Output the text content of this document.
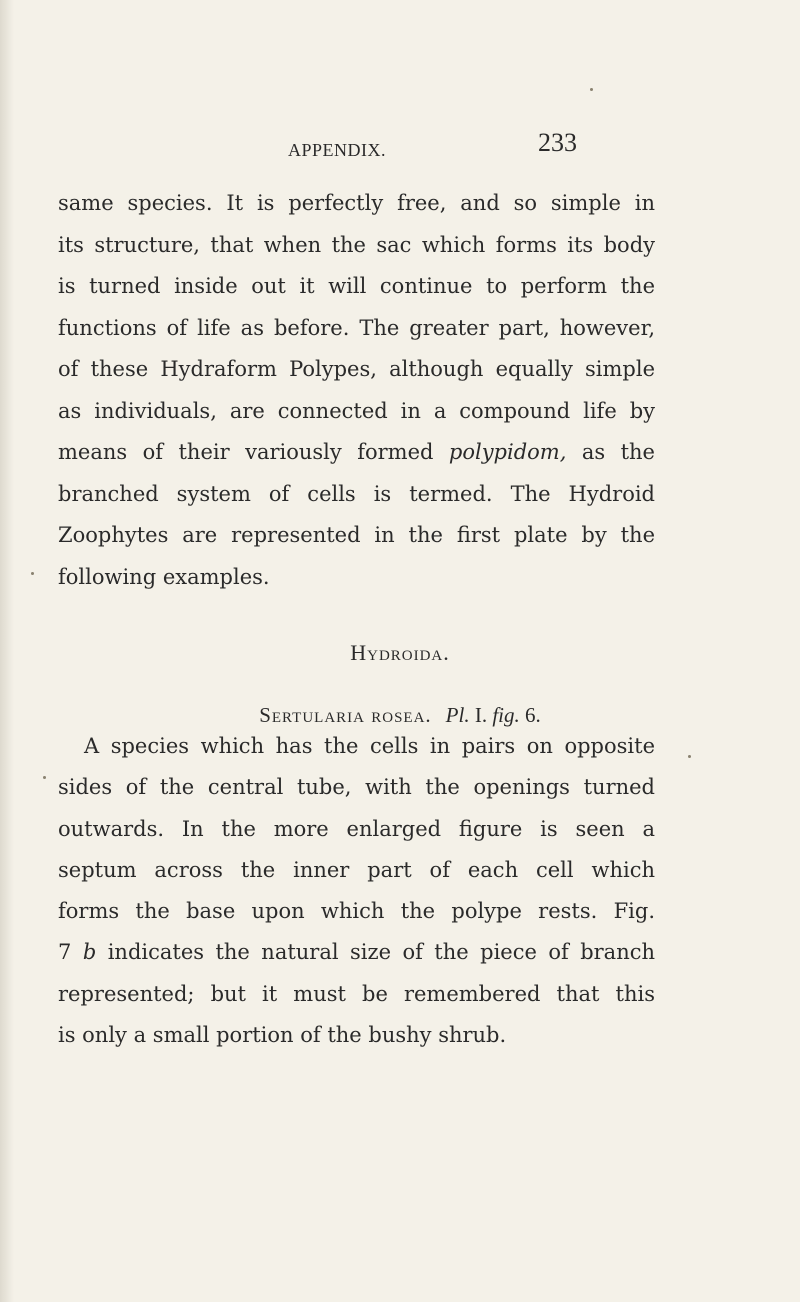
APPENDIX.	233
same species. It is perfectly free, and so simple in
its structure, that when the sac which forms its body
is turned inside out it will continue to perform the
functions of life as before. The greater part, however,
of these Hydraform Polypes, although equally simple
as individuals, are connected in a compound life by
means of their variously formed polypidom, as the
branched system of cells is termed. The Hydroid
Zoophytes are represented in the first plate by the
following examples.
Hydroida.
Sertularia rosea. Pl. I. fig. 6.
A species which has the cells in pairs on opposite
sides of the central tube, with the openings turned
outwards. In the more enlarged figure is seen a
septum across the inner part of each cell which
forms the base upon which the polype rests. Fig.
7 b indicates the natural size of the piece of branch
represented; but it must be remembered that this
is only a small portion of the bushy shrub.
